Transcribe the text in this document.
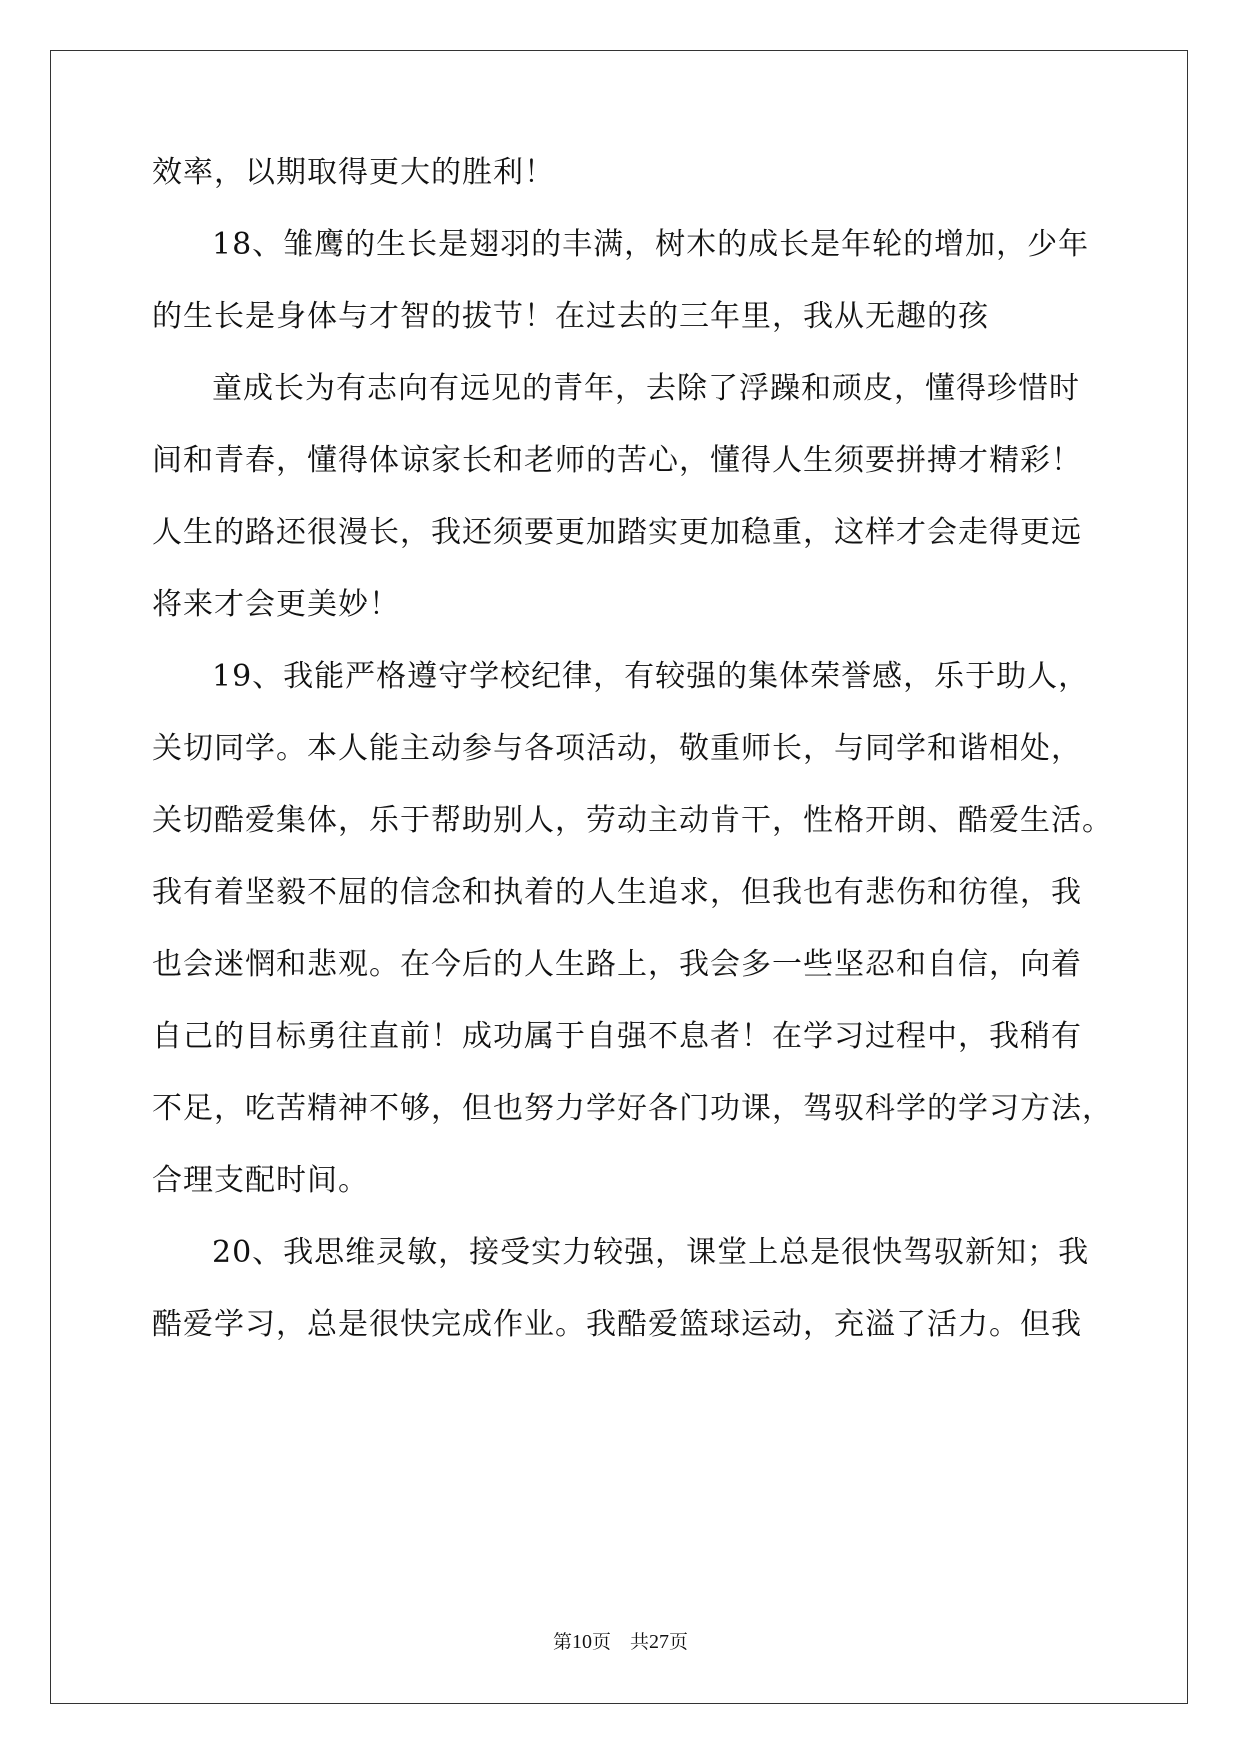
效率，以期取得更大的胜利！
18、雏鹰的生长是翅羽的丰满，树木的成长是年轮的增加，少年
的生长是身体与才智的拔节！在过去的三年里，我从无趣的孩
童成长为有志向有远见的青年，去除了浮躁和顽皮，懂得珍惜时
间和青春，懂得体谅家长和老师的苦心，懂得人生须要拼搏才精彩！
人生的路还很漫长，我还须要更加踏实更加稳重，这样才会走得更远
将来才会更美妙！
19、我能严格遵守学校纪律，有较强的集体荣誉感，乐于助人，
关切同学。本人能主动参与各项活动，敬重师长，与同学和谐相处，
关切酷爱集体，乐于帮助别人，劳动主动肯干，性格开朗、酷爱生活。
我有着坚毅不屈的信念和执着的人生追求，但我也有悲伤和彷徨，我
也会迷惘和悲观。在今后的人生路上，我会多一些坚忍和自信，向着
自己的目标勇往直前！成功属于自强不息者！在学习过程中，我稍有
不足，吃苦精神不够，但也努力学好各门功课，驾驭科学的学习方法，
合理支配时间。
20、我思维灵敏，接受实力较强，课堂上总是很快驾驭新知；我
酷爱学习，总是很快完成作业。我酷爱篮球运动，充溢了活力。但我
第10页　共27页
